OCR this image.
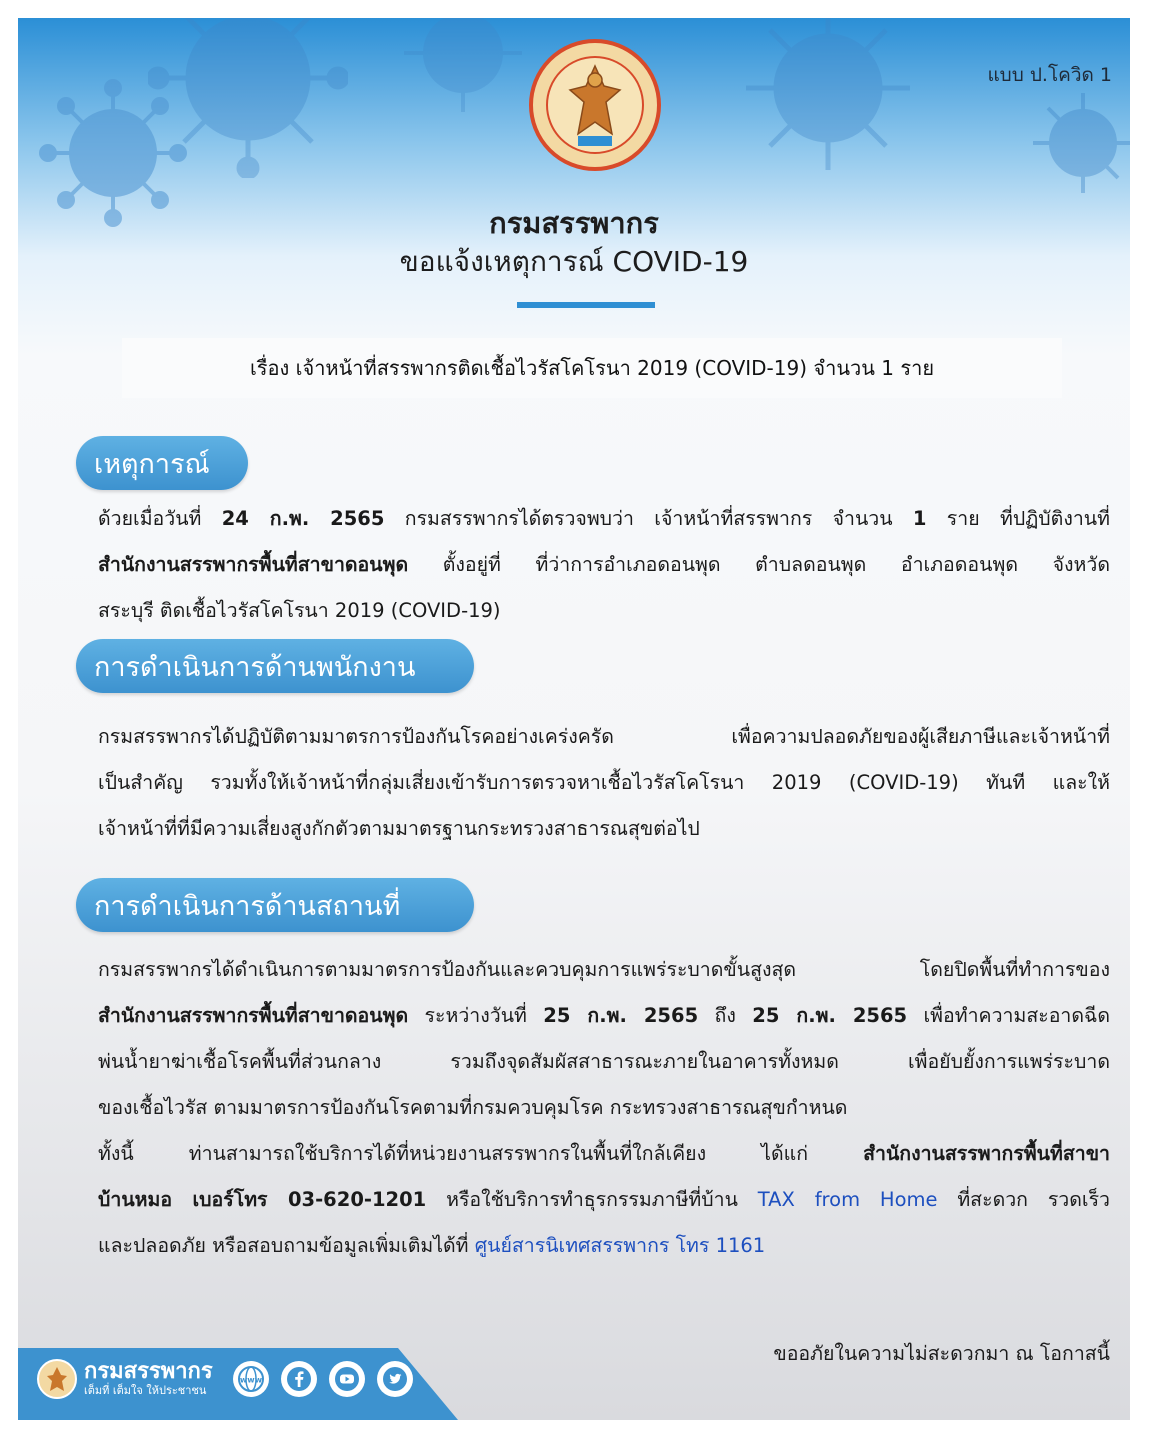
แบบ ป.โควิด 1
กรมสรรพากร
ขอแจ้งเหตุการณ์ COVID-19
เรื่อง เจ้าหน้าที่สรรพากรติดเชื้อไวรัสโคโรนา 2019 (COVID-19) จำนวน 1 ราย
เหตุการณ์
ด้วยเมื่อวันที่ 24 ก.พ. 2565 กรมสรรพากรได้ตรวจพบว่า เจ้าหน้าที่สรรพากร จำนวน 1 ราย ที่ปฏิบัติงานที่
สำนักงานสรรพากรพื้นที่สาขาดอนพุด ตั้งอยู่ที่ ที่ว่าการอำเภอดอนพุด ตำบลดอนพุด อำเภอดอนพุด จังหวัด
สระบุรี ติดเชื้อไวรัสโคโรนา 2019 (COVID-19)
การดำเนินการด้านพนักงาน
กรมสรรพากรได้ปฏิบัติตามมาตรการป้องกันโรคอย่างเคร่งครัด เพื่อความปลอดภัยของผู้เสียภาษีและเจ้าหน้าที่
เป็นสำคัญ รวมทั้งให้เจ้าหน้าที่กลุ่มเสี่ยงเข้ารับการตรวจหาเชื้อไวรัสโคโรนา 2019 (COVID-19) ทันที และให้
เจ้าหน้าที่ที่มีความเสี่ยงสูงกักตัวตามมาตรฐานกระทรวงสาธารณสุขต่อไป
การดำเนินการด้านสถานที่
กรมสรรพากรได้ดำเนินการตามมาตรการป้องกันและควบคุมการแพร่ระบาดขั้นสูงสุด โดยปิดพื้นที่ทำการของ
สำนักงานสรรพากรพื้นที่สาขาดอนพุด ระหว่างวันที่ 25 ก.พ. 2565 ถึง 25 ก.พ. 2565 เพื่อทำความสะอาดฉีด
พ่นน้ำยาฆ่าเชื้อโรคพื้นที่ส่วนกลาง รวมถึงจุดสัมผัสสาธารณะภายในอาคารทั้งหมด เพื่อยับยั้งการแพร่ระบาด
ของเชื้อไวรัส ตามมาตรการป้องกันโรคตามที่กรมควบคุมโรค กระทรวงสาธารณสุขกำหนด
ทั้งนี้ ท่านสามารถใช้บริการได้ที่หน่วยงานสรรพากรในพื้นที่ใกล้เคียง ได้แก่ สำนักงานสรรพากรพื้นที่สาขา
บ้านหมอ เบอร์โทร 03-620-1201 หรือใช้บริการทำธุรกรรมภาษีที่บ้าน TAX from Home ที่สะดวก รวดเร็ว
และปลอดภัย หรือสอบถามข้อมูลเพิ่มเติมได้ที่ ศูนย์สารนิเทศสรรพากร โทร 1161
ขออภัยในความไม่สะดวกมา ณ โอกาสนี้
กรมสรรพากร
เต็มที่ เต็มใจ ให้ประชาชน
www
